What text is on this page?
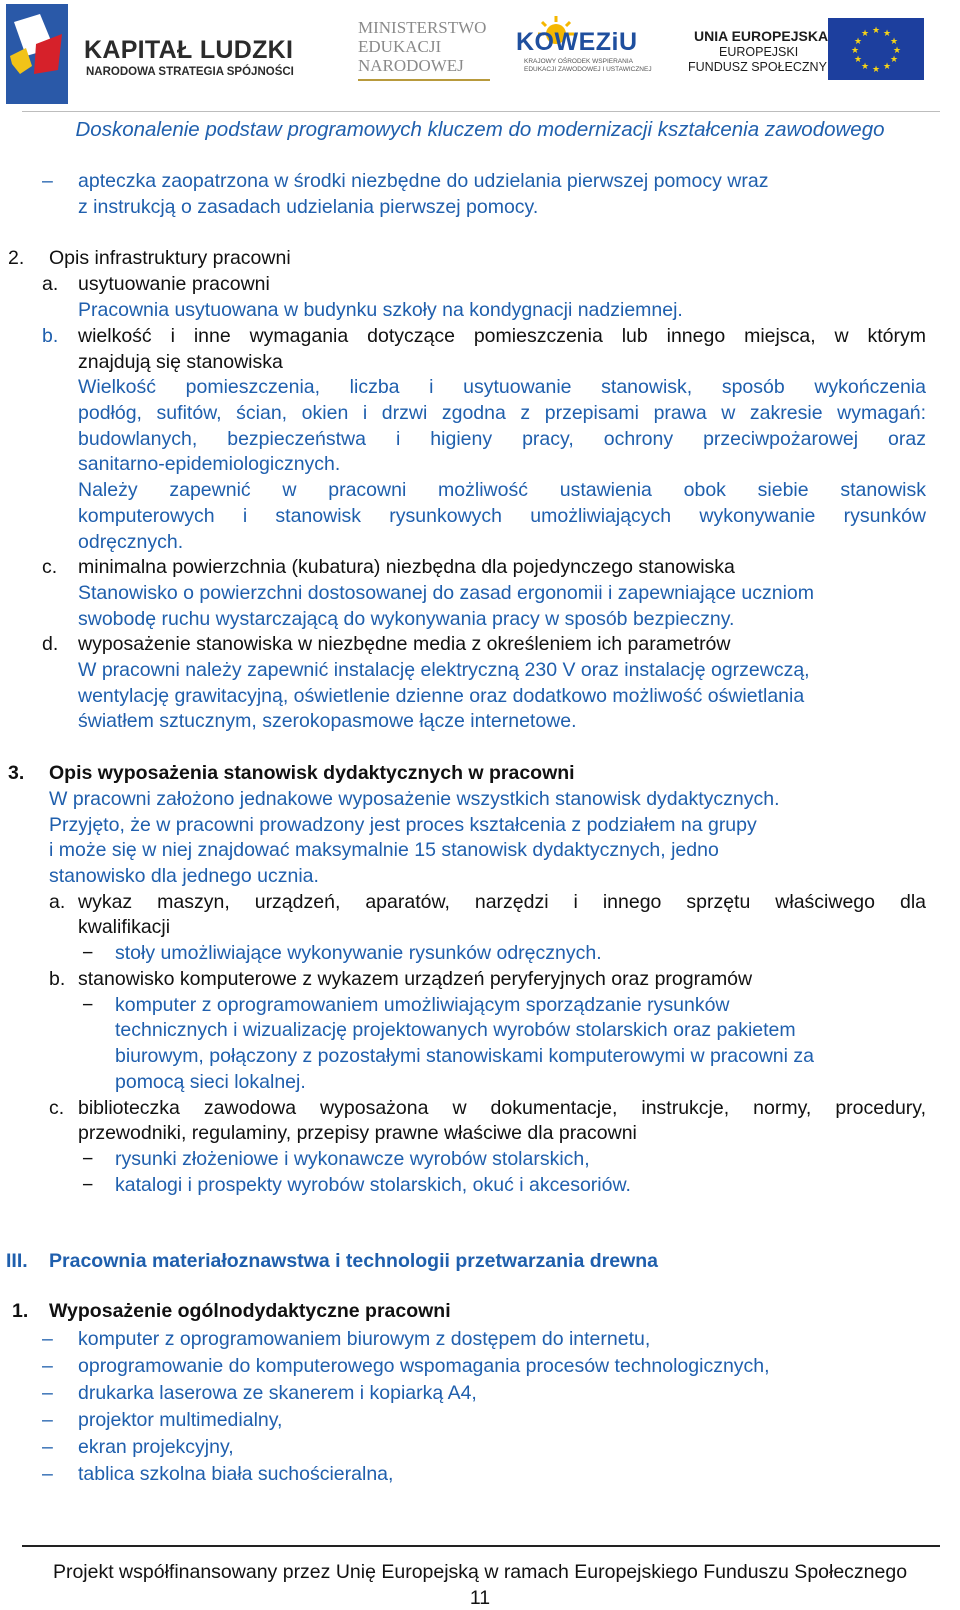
KAPITAŁ LUDZKI
NARODOWA STRATEGIA SPÓJNOŚCI
MINISTERSTWO
EDUKACJI
NARODOWEJ
KOWEZiU
KRAJOWY OŚRODEK WSPIERANIA
EDUKACJI ZAWODOWEJ I USTAWICZNEJ
UNIA EUROPEJSKA
EUROPEJSKI
FUNDUSZ SPOŁECZNY
★ ★
★
★
★
★
★
★
★
★
★
★
Doskonalenie podstaw programowych kluczem do modernizacji kształcenia zawodowego
– apteczka zaopatrzona w środki niezbędne do udzielania pierwszej pomocy wraz
z instrukcją o zasadach udzielania pierwszej pomocy.
2. Opis infrastruktury pracowni
a. usytuowanie pracowni
Pracownia usytuowana w budynku szkoły na kondygnacji nadziemnej.
b. wielkość i inne wymagania dotyczące pomieszczenia lub innego miejsca, w którym
znajdują się stanowiska
Wielkość pomieszczenia, liczba i usytuowanie stanowisk, sposób wykończenia
podłóg, sufitów, ścian, okien i drzwi zgodna z przepisami prawa w zakresie wymagań:
budowlanych, bezpieczeństwa i higieny pracy, ochrony przeciwpożarowej oraz
sanitarno-epidemiologicznych.
Należy zapewnić w pracowni możliwość ustawienia obok siebie stanowisk
komputerowych i stanowisk rysunkowych umożliwiających wykonywanie rysunków
odręcznych.
c. minimalna powierzchnia (kubatura) niezbędna dla pojedynczego stanowiska
Stanowisko o powierzchni dostosowanej do zasad ergonomii i zapewniające uczniom
swobodę ruchu wystarczającą do wykonywania pracy w sposób bezpieczny.
d. wyposażenie stanowiska w niezbędne media z określeniem ich parametrów
W pracowni należy zapewnić instalację elektryczną 230 V oraz instalację ogrzewczą,
wentylację grawitacyjną, oświetlenie dzienne oraz dodatkowo możliwość oświetlania
światłem sztucznym, szerokopasmowe łącze internetowe.
3. Opis wyposażenia stanowisk dydaktycznych w pracowni
W pracowni założono jednakowe wyposażenie wszystkich stanowisk dydaktycznych.
Przyjęto, że w pracowni prowadzony jest proces kształcenia z podziałem na grupy
i może się w niej znajdować maksymalnie 15 stanowisk dydaktycznych, jedno
stanowisko dla jednego ucznia.
a. wykaz maszyn, urządzeń, aparatów, narzędzi i innego sprzętu właściwego dla
kwalifikacji
− stoły umożliwiające wykonywanie rysunków odręcznych.
b. stanowisko komputerowe z wykazem urządzeń peryferyjnych oraz programów
− komputer z oprogramowaniem umożliwiającym sporządzanie rysunków
technicznych i wizualizację projektowanych wyrobów stolarskich oraz pakietem
biurowym, połączony z pozostałymi stanowiskami komputerowymi w pracowni za
pomocą sieci lokalnej.
c. biblioteczka zawodowa wyposażona w dokumentacje, instrukcje, normy, procedury,
przewodniki, regulaminy, przepisy prawne właściwe dla pracowni
− rysunki złożeniowe i wykonawcze wyrobów stolarskich,
− katalogi i prospekty wyrobów stolarskich, okuć i akcesoriów.
III. Pracownia materiałoznawstwa i technologii przetwarzania drewna
1. Wyposażenie ogólnodydaktyczne pracowni
– komputer z oprogramowaniem biurowym z dostępem do internetu,
– oprogramowanie do komputerowego wspomagania procesów technologicznych,
– drukarka laserowa ze skanerem i kopiarką A4,
– projektor multimedialny,
– ekran projekcyjny,
– tablica szkolna biała suchościeralna,
Projekt współfinansowany przez Unię Europejską w ramach Europejskiego Funduszu Społecznego
11
